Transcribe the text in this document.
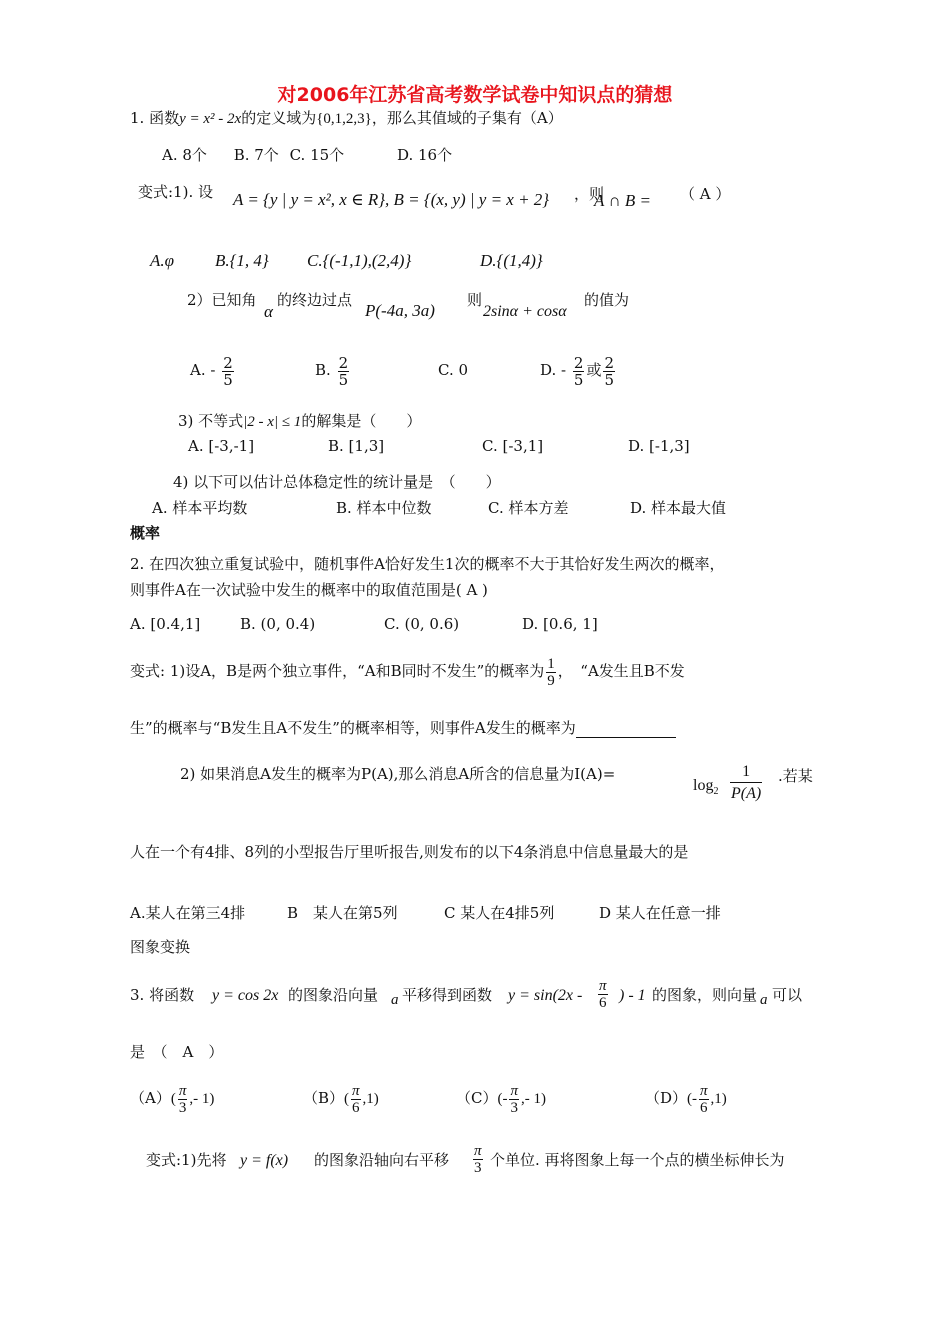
对2006年江苏省高考数学试卷中知识点的猜想
1. 函数y = x² - 2x的定义域为{0,1,2,3}，那么其值域的子集有（A）
A. 8个 B. 7个 C. 15个	D. 16个
变式:1). 设 A = {y | y = x², x ∈ R}, B = {(x, y) | y = x + 2} ，则
A ∩ B = （ A ）
A.φ B.{1, 4} C.{(-1,1),(2,4)}	D.{(1,4)}
2）已知角
α
的终边过点
P(-4a, 3a)
则
2sinα + cosα
的值为
A. - $\frac{2}{5}$	B. $\frac{2}{5}$	C. 0	D. - $\frac{2}{5}$ 或 $\frac{2}{5}$
3) 不等式|2 - x| ≤ 1的解集是（　　）
A. [-3,-1]	B. [1,3]	C. [-3,1]	D. [-1,3]
4) 以下可以估计总体稳定性的统计量是　（　　）
A. 样本平均数	B. 样本中位数	C. 样本方差	D. 样本最大值
概率
2. 在四次独立重复试验中，随机事件A恰好发生1次的概率不大于其恰好发生两次的概率，
则事件A在一次试验中发生的概率中的取值范围是( A )
A. [0.4,1]	B. (0, 0.4)	C. (0, 0.6)	D. [0.6, 1]
变式: 1)设A，B是两个独立事件，“A和B同时不发生”的概率为 $\frac{1}{9}$ ，　“A发生且B不发
生”的概率与“B发生且A不发生”的概率相等，则事件A发生的概率为
2) 如果消息A发生的概率为P(A),那么消息A所含的信息量为I(A)=
$\log_2 \frac{1}{P(A)}$ .若某
人在一个有4排、8列的小型报告厅里听报告,则发布的以下4条消息中信息量最大的是
A.某人在第三4排	B　某人在第5列	C 某人在4排5列	D 某人在任意一排
图象变换
3. 将函数 y = cos 2x 的图象沿向量 a 平移得到函数 $y = \sin(2x - \frac{\pi}{6}$ ) - 1 的图象，则向量 a 可以
是　（　A　）
$(A)( \frac{\pi}{3}$ ,- 1)	$(B)( \frac{\pi}{6} ,1)$	$(C)(- \frac{\pi}{3}$ ,- 1)	$(D)(- \frac{\pi}{6} ,1)$
变式:1)先将 y = f(x) 的图象沿轴向右平移 $\frac{\pi}{3}$ 个单位. 再将图象上每一个点的横坐标伸长为
